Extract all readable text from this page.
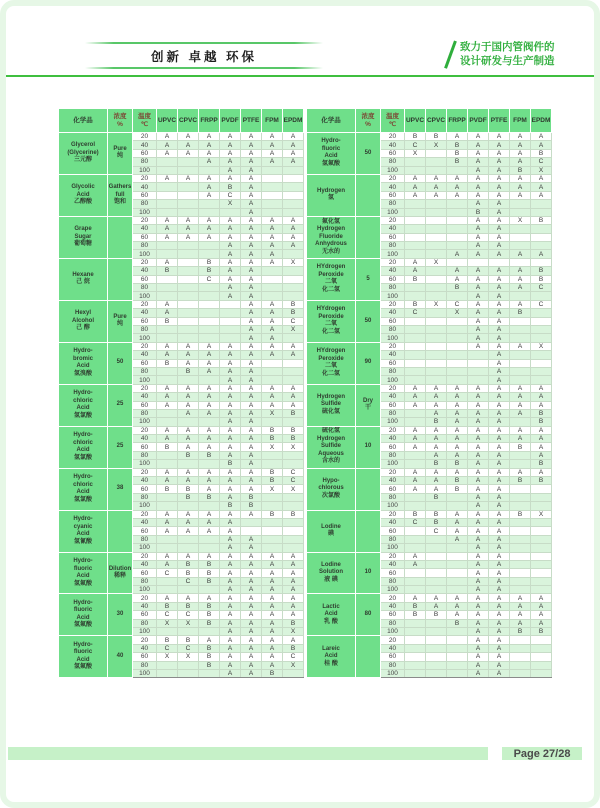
创新 卓越 环保
致力于国内管阀件的
设计研发与生产制造
化学品	浓度
%	温度
℃	UPVC	CPVC	FRPP	PVDF	PTFE	FPM	EPDM
Glycerol
(Glycerine)
三元醇	Pure
纯	20	A	A	A	A	A	A	A
		40	A	A	A	A	A	A	A
		60	A	A	A	A	A	A	A
		80			A	A	A	A	A
		100				A	A		
Glycolic
Acid
乙醇酸	Gathers
full
饱和	20	A	A	A	A	A		
		40			A	B	A		
		60			A	C	A		
		80				X	A		
		100					A		
Grape
Sugar
葡萄糖		20	A	A	A	A	A	A	A
		40	A	A	A	A	A	A	A
		60	A	A	A	A	A	A	A
		80				A	A	A	A
		100				A	A	A	
Hexane
己 烷		20	A		B	A	A	A	X
		40	B		B	A	A		
		60			C	A	A		
		80				A	A		
		100				A	A		
Hexyl
Alcohol
己 醇	Pure
纯	20	A				A	A	B
		40	A				A	A	B
		60	B				A	A	C
		80					A	A	X
		100					A	A	
Hydro-
bromic
Acid
氢溴酸	50	20	A	A	A	A	A	A	A
		40	A	A	A	A	A	A	A
		60	B	A	A	A	A		
		80		B	A	A	A		
		100				A	A		
Hydro-
chloric
Acid
氢氯酸	25	20	A	A	A	A	A	A	A
		40	A	A	A	A	A	A	A
		60	A	A	A	A	A	A	A
		80		A	A	A	A	X	B
		100				A	A		
Hydro-
chloric
Acid
氢氯酸	25	20	A	A	A	A	A	B	B
		40	A	A	A	A	A	B	B
		60	B	A	A	A	A	X	X
		80		B	B	A	A		
		100				B	A		
Hydro-
chloric
Acid
氢氯酸	38	20	A	A	A	A	A	B	C
		40	A	A	A	A	A	B	C
		60	B	B	A	A	A	X	X
		80		B	B	A	B		
		100				B	B		
Hydro-
cyanic
Acid
氢氰酸		20	A	A	A	A	A	B	B
		40	A	A	A	A			
		60	A	A	A	A			
		80				A	A		
		100				A	A		
Hydro-
fluoric
Acid
氢氟酸	Dilution
稀释	20	A	A	A	A	A	A	A
		40	A	B	B	A	A	A	A
		60	C	B	B	A	A	A	A
		80		C	B	A	A	A	A
		100				A	A	A	A
Hydro-
fluoric
Acid
氢氟酸	30	20	A	A	A	A	A	A	A
		40	B	B	B	A	A	A	A
		60	C	C	B	A	A	A	A
		80	X	X	B	A	A	A	B
		100				A	A	A	X
Hydro-
fluoric
Acid
氢氟酸	40	20	B	B	A	A	A	A	A
		40	C	C	B	A	A	A	B
		60	X	X	B	A	A	A	C
		80			B	A	A	A	X
		100				A	A	B	
化学品	浓度
%	温度
℃	UPVC	CPVC	FRPP	PVDF	PTFE	FPM	EPDM
Hydro-
fluoric
Acid
氢氟酸	50	20	B	B	A	A	A	A	A
		40	C	X	B	A	A	A	A
		60	X		B	A	A	A	B
		80			B	A	A	A	C
		100				A	A	B	X
Hydrogen
氢		20	A	A	A	A	A	A	A
		40	A	A	A	A	A	A	A
		60	A	A	A	A	A	A	A
		80				A	A		
		100				B	A		
氟化氢
Hydrogen
Fluoride
Anhydrous
无水的		20				A	A	X	B
		40				A	A		
		60				A	A		
		80				A	A		
		100			A	A	A	A	A
HYdrogen
Peroxide
二氧
化二氢	5	20	A	X					
		40	A		A	A	A	A	B
		60	B		A	A	A	A	B
		80			B	A	A	A	C
		100				A	A		
HYdrogen
Peroxide
二氧
化二氢	50	20	B	X	C	A	A	A	C
		40	C		X	A	A	B	
		60				A	A		
		80				A	A		
		100				A	A		
HYdrogen
Peroxide
二氧
化二氢	90	20				A	A	A	X
		40					A		
		60					A		
		80					A		
		100					A		
Hydrogen
Sulfide
硫化氢	Dry
干	20	A	A	A	A	A	A	A
		40	A	A	A	A	A	A	A
		60	A	A	A	A	A	A	A
		80		A	A	A	A	A	B
		100		B	A	A	A		B
硫化氢
Hydrogen
Sulfide
Aqueous
含水的	10	20	A	A	A	A	A	A	A
		40	A	A	A	A	A	A	A
		60	A	A	A	A	A	B	A
		80		A	A	A	A		A
		100		B	B	A	A		B
Hypo-
chlorous
次氯酸		20	A	A	A	A	A	A	A
		40	A	A	B	A	A	B	B
		60	A	A	B	A	A		
		80		B		A	A		
		100				A	A		
Lodine
碘		20	B	B	A	A	A	B	X
		40	C	B	A	A	A		
		60		C	A	A	A		
		80			A	A	A		
		100				A	A		
Lodine
Solution
液 碘	10	20	A			A	A		
		40	A			A	A		
		60				A	A		
		80				A	A		
		100				A	A		
Lactic
Acid
乳 酸	80	20	A	A	A	A	A	A	A
		40	B	A	A	A	A	A	A
		60	B	B	A	A	A	A	A
		80			B	A	A	A	A
		100				A	A	B	B
Lareic
Acid
桂 酸		20				A	A		
		40				A	A		
		60				A	A		
		80				A	A		
		100				A	A		
Page 27/28
